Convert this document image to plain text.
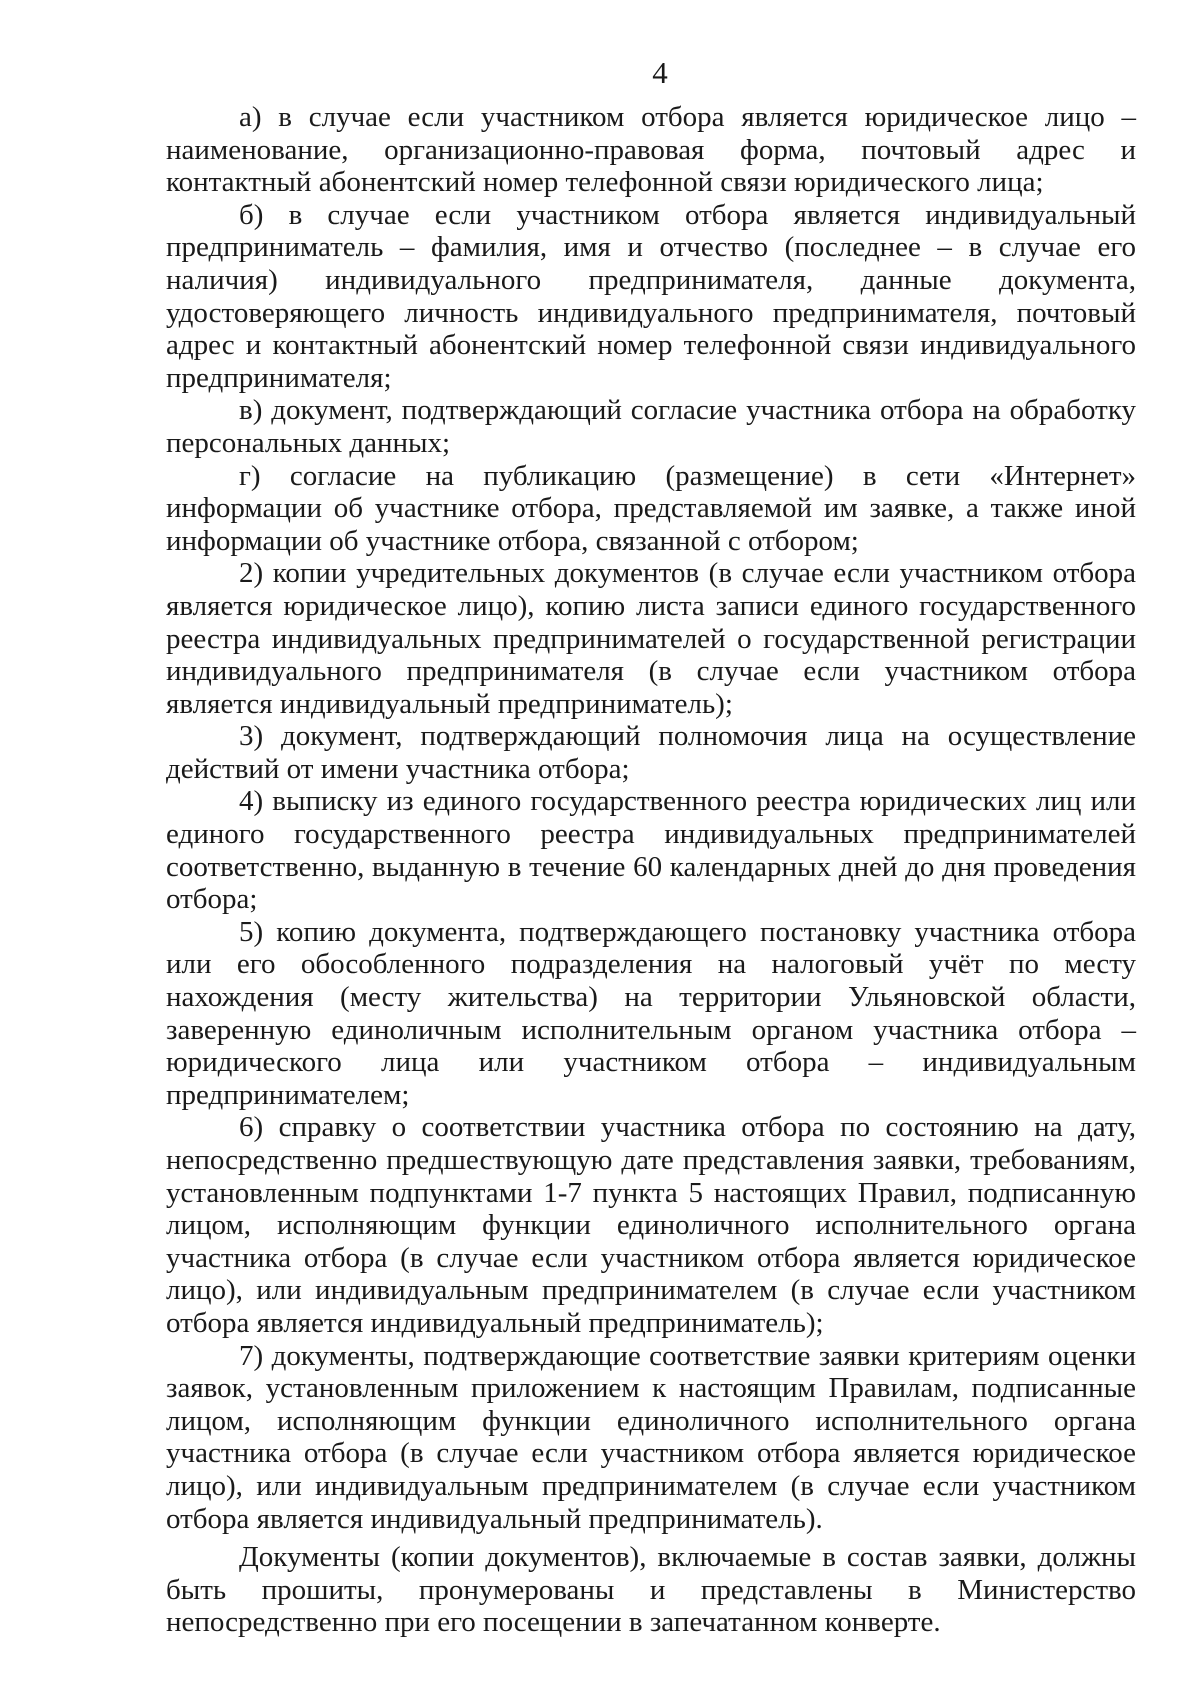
4

а) в случае если участником отбора является юридическое лицо – наименование, организационно-правовая форма, почтовый адрес и контактный абонентский номер телефонной связи юридического лица;

б) в случае если участником отбора является индивидуальный предприниматель – фамилия, имя и отчество (последнее – в случае его наличия) индивидуального предпринимателя, данные документа, удостоверяющего личность индивидуального предпринимателя, почтовый адрес и контактный абонентский номер телефонной связи индивидуального предпринимателя;

в) документ, подтверждающий согласие участника отбора на обработку персональных данных;

г) согласие на публикацию (размещение) в сети «Интернет» информации об участнике отбора, представляемой им заявке, а также иной информации об участнике отбора, связанной с отбором;

2) копии учредительных документов (в случае если участником отбора является юридическое лицо), копию листа записи единого государственного реестра индивидуальных предпринимателей о государственной регистрации индивидуального предпринимателя (в случае если участником отбора является индивидуальный предприниматель);

3) документ, подтверждающий полномочия лица на осуществление действий от имени участника отбора;

4) выписку из единого государственного реестра юридических лиц или единого государственного реестра индивидуальных предпринимателей соответственно, выданную в течение 60 календарных дней до дня проведения отбора;

5) копию документа, подтверждающего постановку участника отбора или его обособленного подразделения на налоговый учёт по месту нахождения (месту жительства) на территории Ульяновской области, заверенную единоличным исполнительным органом участника отбора – юридического лица или участником отбора – индивидуальным предпринимателем;

6) справку о соответствии участника отбора по состоянию на дату, непосредственно предшествующую дате представления заявки, требованиям, установленным подпунктами 1-7 пункта 5 настоящих Правил, подписанную лицом, исполняющим функции единоличного исполнительного органа участника отбора (в случае если участником отбора является юридическое лицо), или индивидуальным предпринимателем (в случае если участником отбора является индивидуальный предприниматель);

7) документы, подтверждающие соответствие заявки критериям оценки заявок, установленным приложением к настоящим Правилам, подписанные лицом, исполняющим функции единоличного исполнительного органа участника отбора (в случае если участником отбора является юридическое лицо), или индивидуальным предпринимателем (в случае если участником отбора является индивидуальный предприниматель).

Документы (копии документов), включаемые в состав заявки, должны быть прошиты, пронумерованы и представлены в Министерство непосредственно при его посещении в запечатанном конверте.
